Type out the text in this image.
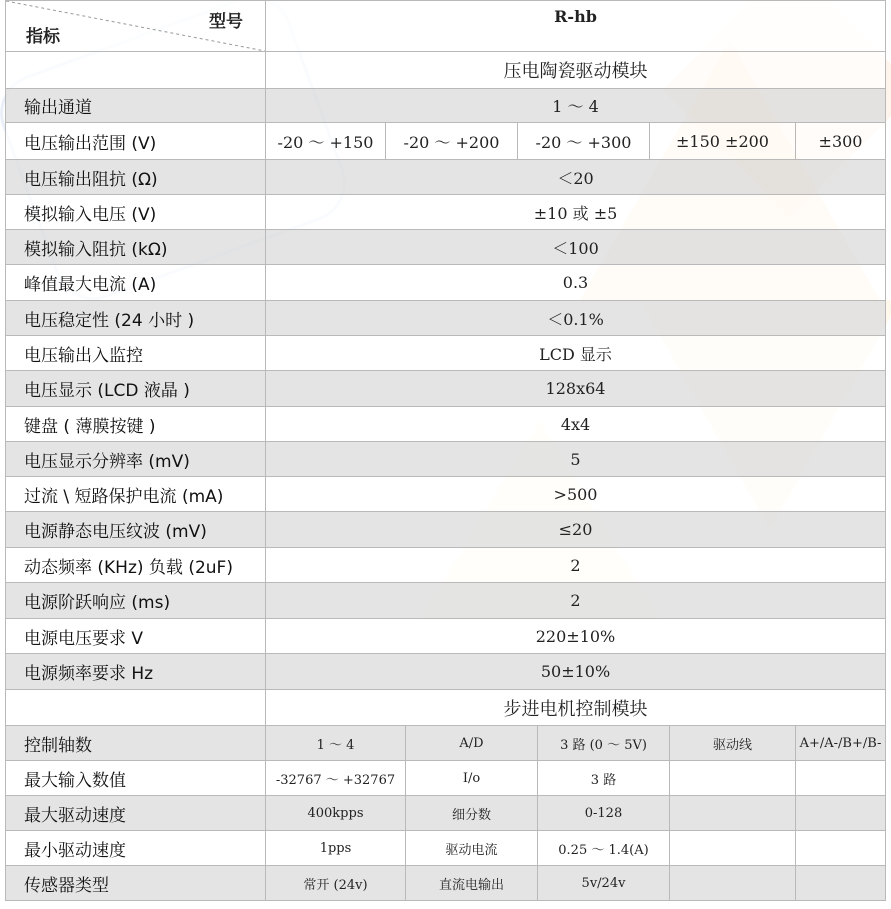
型号
指标	R-hb							
	压电陶瓷驱动模块							
输出通道	1 ～ 4							
电压输出范围 (V)	-20 ～ +150	-20 ～ +200		-20 ～ +300		±150 ±200		±300
电压输出阻抗 (Ω)	＜20							
模拟输入电压 (V)	±10 或 ±5							
模拟输入阻抗 (kΩ)	＜100							
峰值最大电流 (A)	0.3							
电压稳定性 (24 小时 )	＜0.1%							
电压输出入监控	LCD 显示							
电压显示 (LCD 液晶 )	128x64							
键盘 ( 薄膜按键 )	4x4							
电压显示分辨率 (mV)	5							
过流 \ 短路保护电流 (mA)	>500							
电源静态电压纹波 (mV)	≤20							
动态频率 (KHz) 负载 (2uF)	2							
电源阶跃响应 (ms)	2							
电源电压要求 V	220±10%							
电源频率要求 Hz	50±10%							
	步进电机控制模块							
控制轴数	1 ～ 4		A/D		3 路 (0 ～ 5V)		驱动线	A+/A-/B+/B-
最大输入数值	-32767 ～ +32767		I/o		3 路			
最大驱动速度	400kpps		细分数		0-128			
最小驱动速度	1pps		驱动电流		0.25 ～ 1.4(A)			
传感器类型	常开 (24v)		直流电输出		5v/24v			
